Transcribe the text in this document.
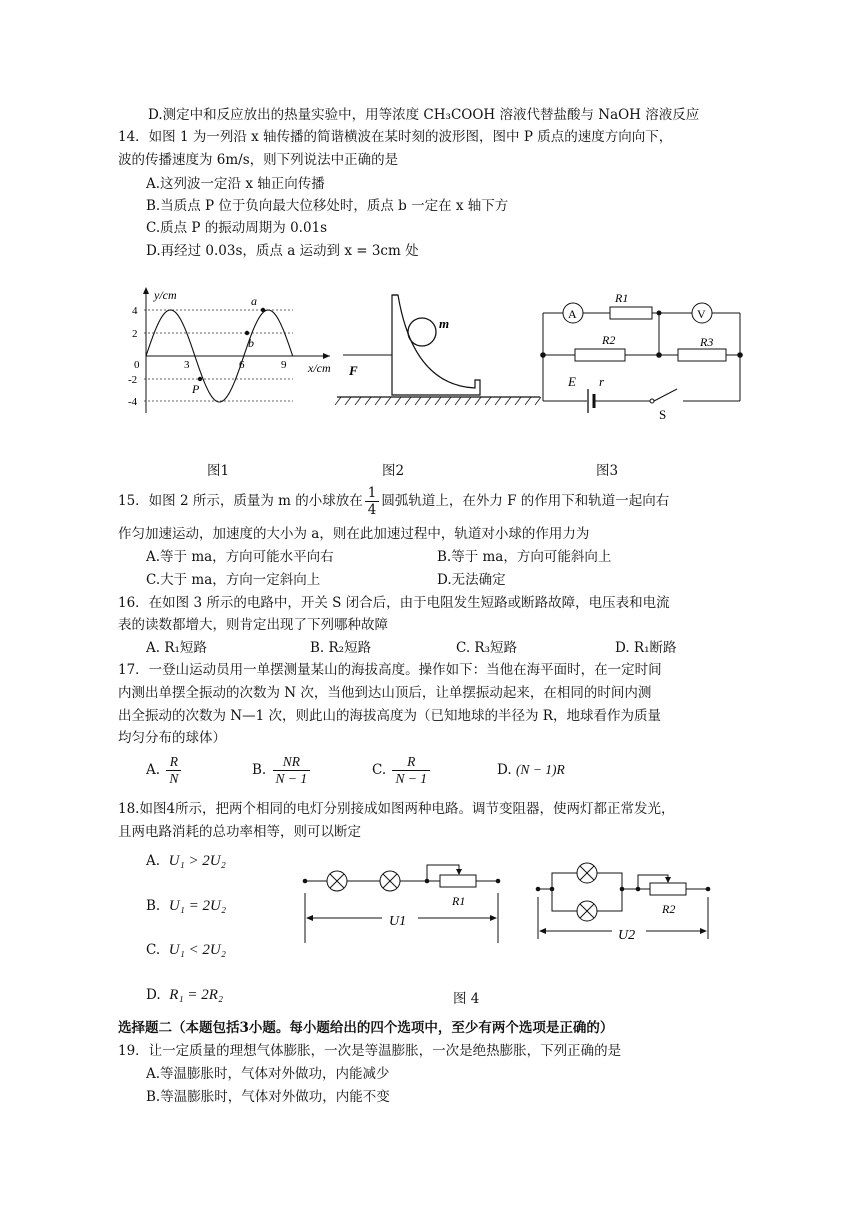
D.测定中和反应放出的热量实验中，用等浓度 CH₃COOH 溶液代替盐酸与 NaOH 溶液反应
14．如图 1 为一列沿 x 轴传播的简谐横波在某时刻的波形图，图中 P 质点的速度方向向下，
波的传播速度为 6m/s，则下列说法中正确的是
A.这列波一定沿 x 轴正向传播
B.当质点 P 位于负向最大位移处时，质点 b 一定在 x 轴下方
C.质点 P 的振动周期为 0.01s
D.再经过 0.03s，质点 a 运动到 x = 3cm 处
y/cm
x/cm
4
2
0
-2
-4
3	6	9
a
b
P
F
m
A	V
R1
R2	R3
E r
S
图1	图2	图3
15．如图 2 所示，质量为 m 的小球放在 $\frac{1}{4}$ 圆弧轨道上，在外力 F 的作用下和轨道一起向右
作匀加速运动，加速度的大小为 a，则在此加速过程中，轨道对小球的作用力为
A.等于 ma，方向可能水平向右	B.等于 ma，方向可能斜向上
C.大于 ma，方向一定斜向上	D.无法确定
16．在如图 3 所示的电路中，开关 S 闭合后，由于电阻发生短路或断路故障，电压表和电流
表的读数都增大，则肯定出现了下列哪种故障
A. R₁短路	B. R₂短路	C. R₃短路	D. R₁断路
17．一登山运动员用一单摆测量某山的海拔高度。操作如下：当他在海平面时，在一定时间
内测出单摆全振动的次数为 N 次，当他到达山顶后，让单摆振动起来，在相同的时间内测
出全振动的次数为 N—1 次，则此山的海拔高度为（已知地球的半径为 R，地球看作为质量
均匀分布的球体）
A. $\frac{R}{N}$	B. $\frac{NR}{N - 1}$	C. $\frac{R}{N - 1}$	D. (N − 1)R
18.如图4所示，把两个相同的电灯分别接成如图两种电路。调节变阻器，使两灯都正常发光，
且两电路消耗的总功率相等，则可以断定
A. U₁ > 2U₂
B. U₁ = 2U₂
C. U₁ < 2U₂
D. R₁ = 2R₂
R1
U1
R2
U2
图 4
选择题二（本题包括3小题。每小题给出的四个选项中，至少有两个选项是正确的）
19．让一定质量的理想气体膨胀，一次是等温膨胀，一次是绝热膨胀，下列正确的是
A.等温膨胀时，气体对外做功，内能减少
B.等温膨胀时，气体对外做功，内能不变
